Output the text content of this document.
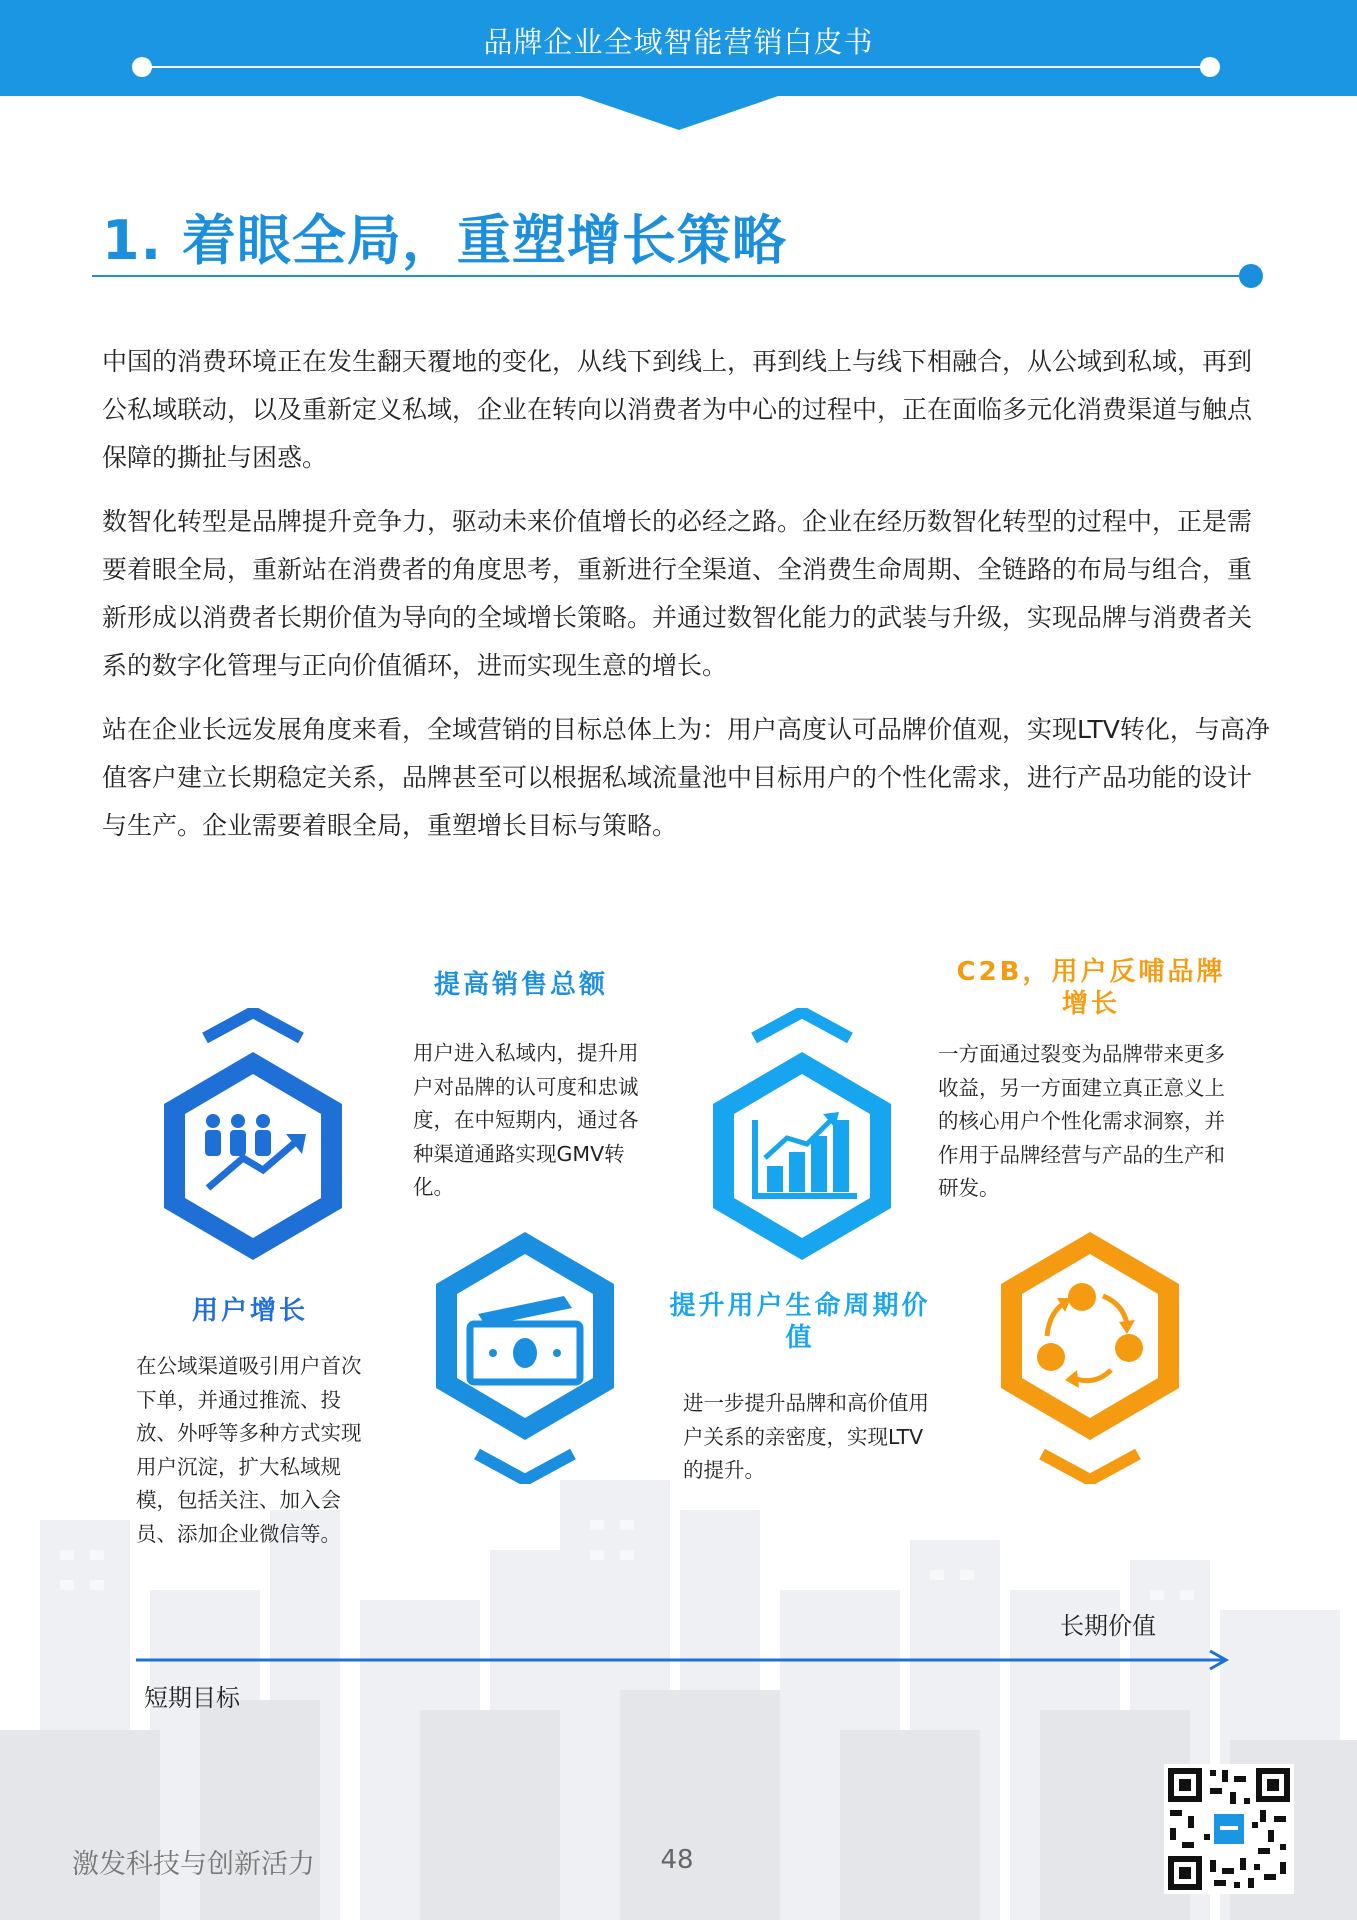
品牌企业全域智能营销白皮书
1. 着眼全局，重塑增长策略
中国的消费环境正在发生翻天覆地的变化，从线下到线上，再到线上与线下相融合，从公域到私域，再到公私域联动，以及重新定义私域，企业在转向以消费者为中心的过程中，正在面临多元化消费渠道与触点保障的撕扯与困惑。
数智化转型是品牌提升竞争力，驱动未来价值增长的必经之路。企业在经历数智化转型的过程中，正是需要着眼全局，重新站在消费者的角度思考，重新进行全渠道、全消费生命周期、全链路的布局与组合，重新形成以消费者长期价值为导向的全域增长策略。并通过数智化能力的武装与升级，实现品牌与消费者关系的数字化管理与正向价值循环，进而实现生意的增长。
站在企业长远发展角度来看，全域营销的目标总体上为：用户高度认可品牌价值观，实现LTV转化，与高净值客户建立长期稳定关系，品牌甚至可以根据私域流量池中目标用户的个性化需求，进行产品功能的设计与生产。企业需要着眼全局，重塑增长目标与策略。
用户增长
在公域渠道吸引用户首次下单，并通过推流、投放、外呼等多种方式实现用户沉淀，扩大私域规模，包括关注、加入会员、添加企业微信等。
提高销售总额
用户进入私域内，提升用户对品牌的认可度和忠诚度，在中短期内，通过各种渠道通路实现GMV转化。
提升用户生命周期价值
进一步提升品牌和高价值用户关系的亲密度，实现LTV的提升。
C2B，用户反哺品牌增长
一方面通过裂变为品牌带来更多收益，另一方面建立真正意义上的核心用户个性化需求洞察，并作用于品牌经营与产品的生产和研发。
短期目标
长期价值
激发科技与创新活力	48
